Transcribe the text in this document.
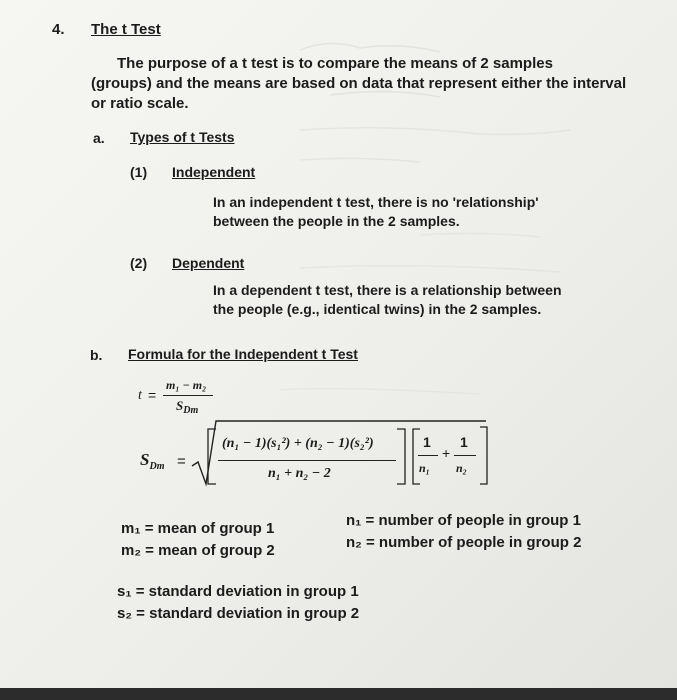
4. The t Test
The purpose of a t test is to compare the means of 2 samples
(groups) and the means are based on data that represent either the interval
or ratio scale.
a. Types of t Tests
(1) Independent
In an independent t test, there is no 'relationship'
between the people in the 2 samples.
(2) Dependent
In a dependent t test, there is a relationship between
the people (e.g., identical twins) in the 2 samples.
b. Formula for the Independent t Test
t =
m₁ − m₂
$S_{Dm}$
$S_{Dm}$ =
(n₁ − 1)(s₁²) + (n₂ − 1)(s₂²)
n₁ + n₂ − 2
1
n₁
+
1
n₂
m₁ = mean of group 1
m₂ = mean of group 2
n₁ = number of people in group 1
n₂ = number of people in group 2
s₁ = standard deviation in group 1
s₂ = standard deviation in group 2
